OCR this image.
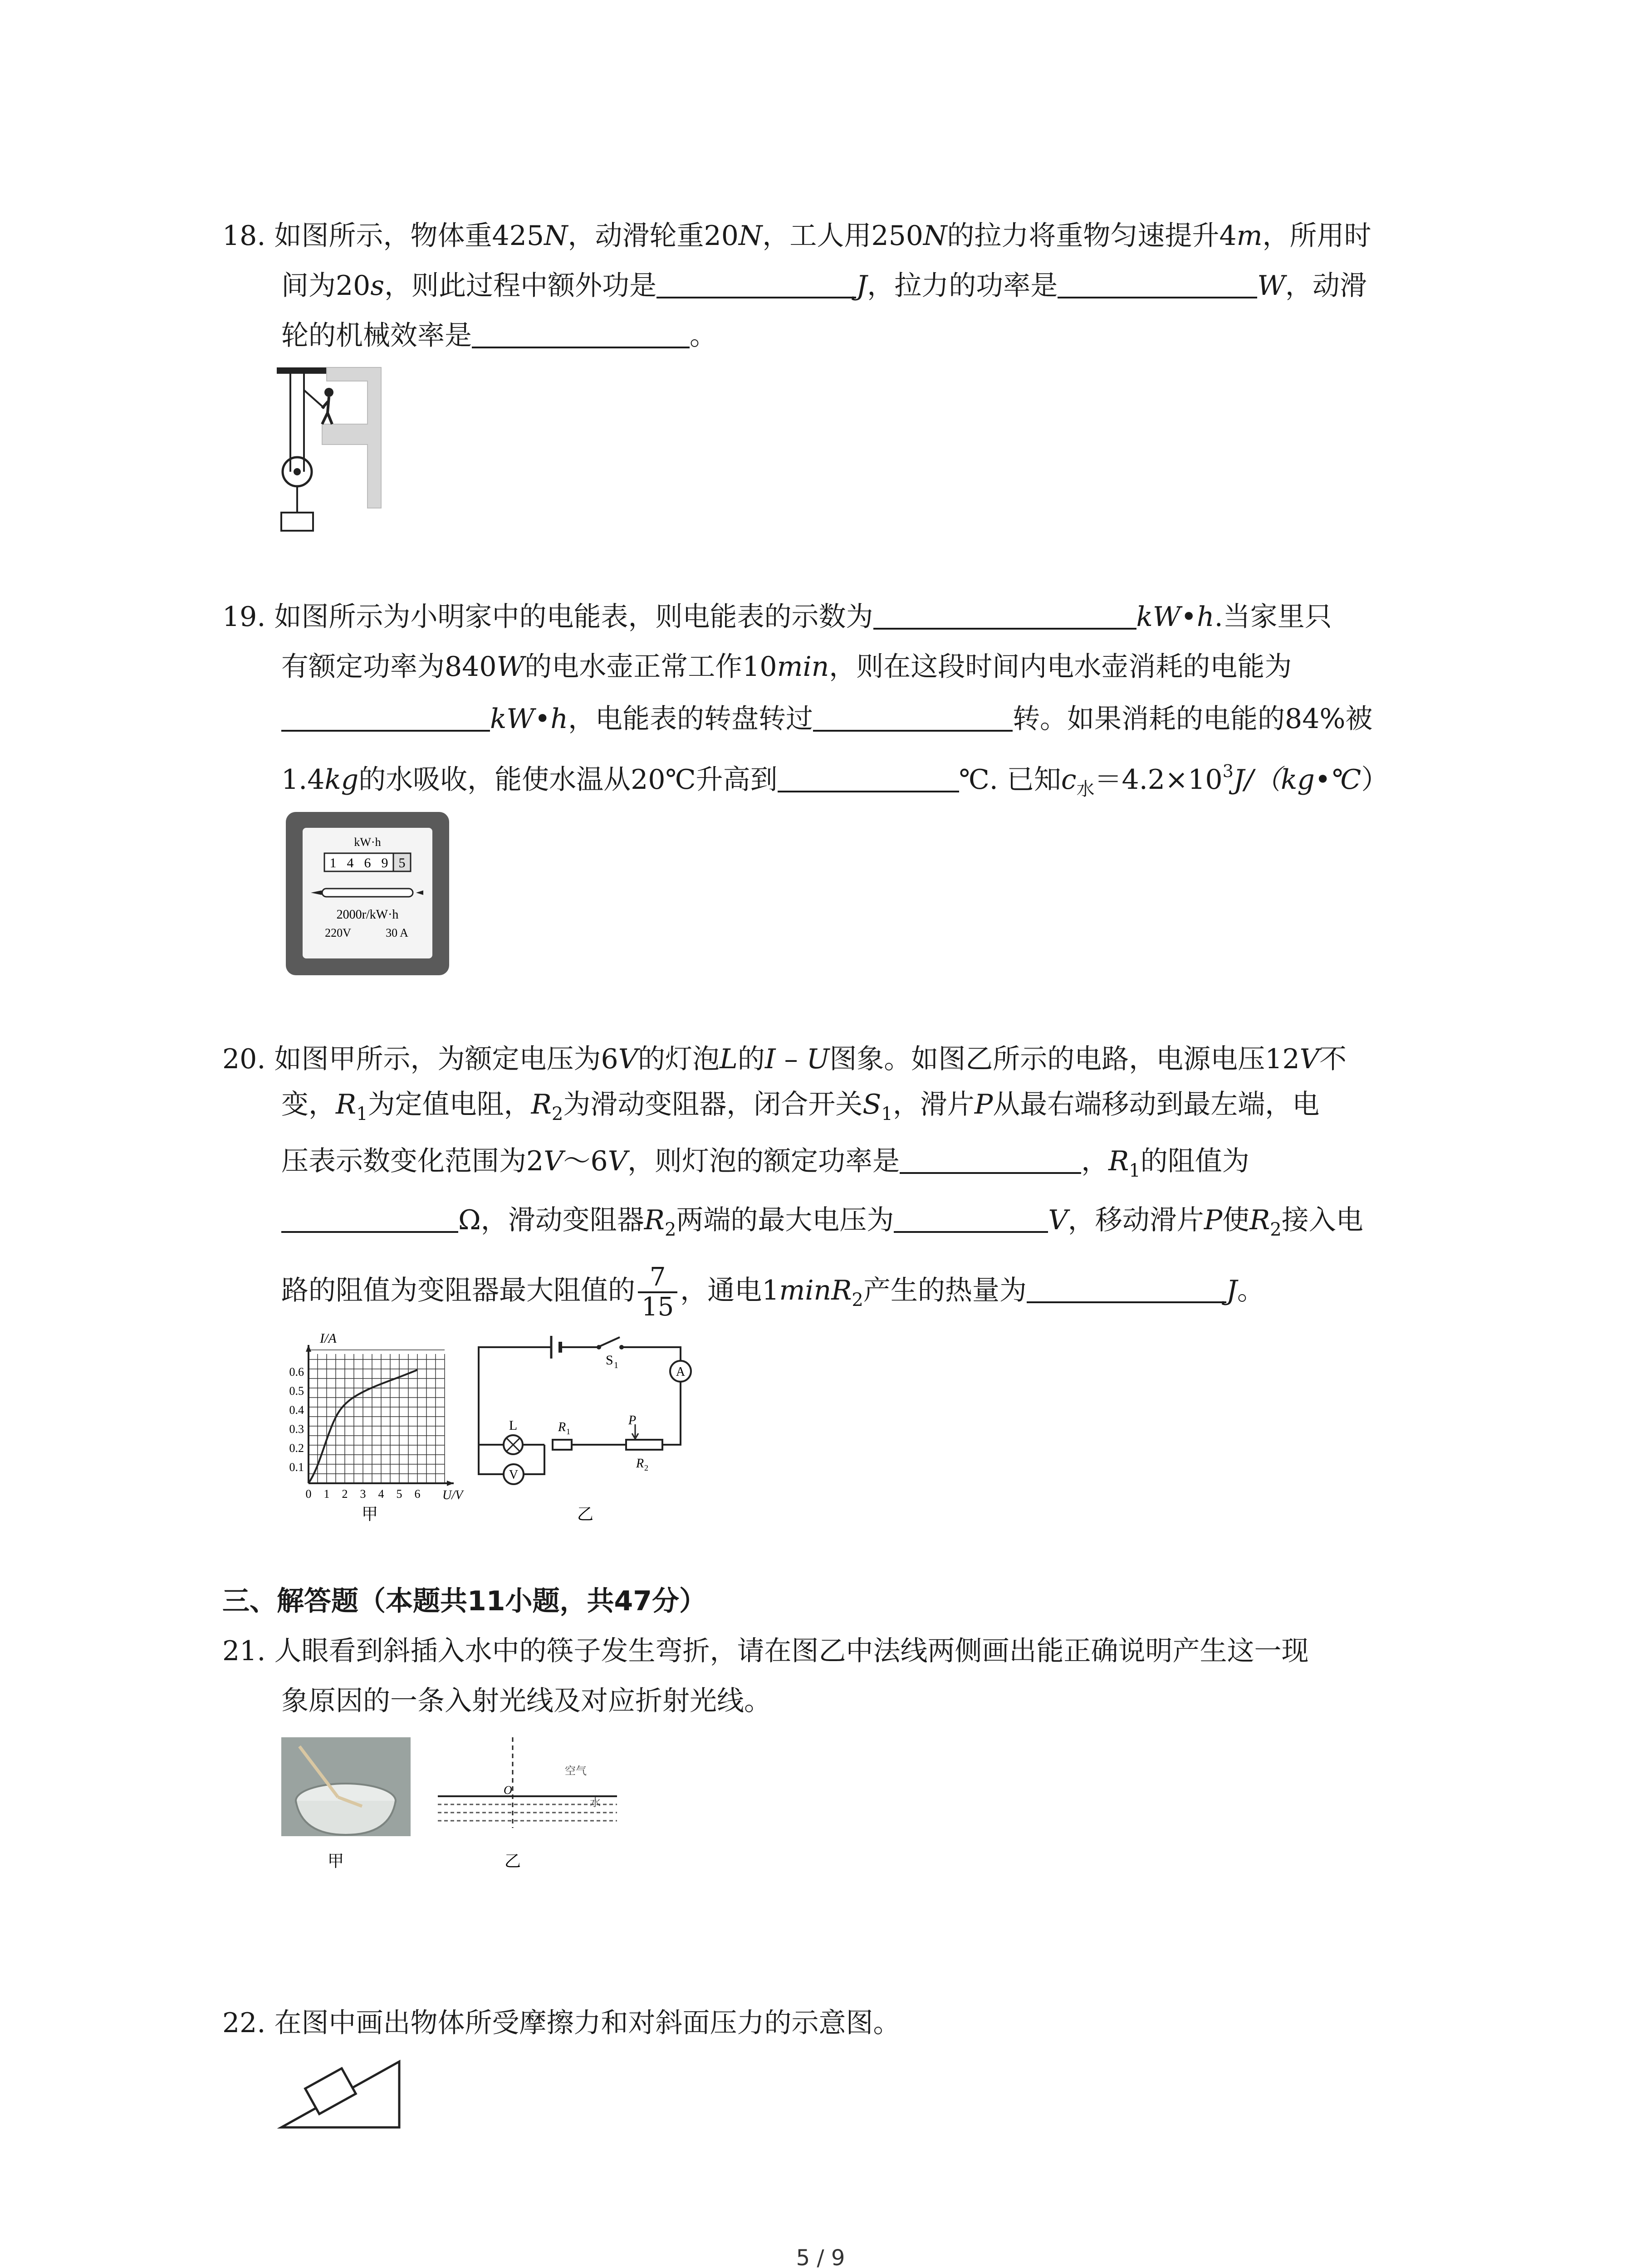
18. 如图所示，物体重425N，动滑轮重20N，工人用250N的拉力将重物匀速提升4m，所用时
间为20s，则此过程中额外功是	J，拉力的功率是	W，动滑
轮的机械效率是	。
19. 如图所示为小明家中的电能表，则电能表的示数为	kW•h.当家里只
有额定功率为840W的电水壶正常工作10min，则在这段时间内电水壶消耗的电能为
kW•h，电能表的转盘转过	转。如果消耗的电能的84%被
1.4kg的水吸收，能使水温从20℃升高到	℃. 已知$c_水=4.2\times 10^3J/(kg•℃)$
kW·h
1 4 6 9 5
2000r/kW·h
220V	30 A
20. 如图甲所示，为额定电压为6V的灯泡L的I – U图象。如图乙所示的电路，电源电压12V不
变，$R_1$为定值电阻，$R_2$为滑动变阻器，闭合开关$S_1$，滑片P从最右端移动到最左端，电
压表示数变化范围为2V～6V，则灯泡的额定功率是	，$R_1$的阻值为
Ω，滑动变阻器$R_2$两端的最大电压为	V，移动滑片P使$R_2$接入电
路的阻值为变阻器最大阻值的 $\frac{7}{15}$ ，通电1minR$_2$产生的热量为	J。
I/A
0.6
0.5
0.4
0.3
0.2
0.1
0 1 2 3 4 5 6 U/V
甲
S 1	A
L
V
R 1
P
R 2
乙
三、解答题（本题共11小题，共47分）
21. 人眼看到斜插入水中的筷子发生弯折，请在图乙中法线两侧画出能正确说明产生这一现
象原因的一条入射光线及对应折射光线。
甲
O
空气
水
乙
22. 在图中画出物体所受摩擦力和对斜面压力的示意图。
5 / 9
